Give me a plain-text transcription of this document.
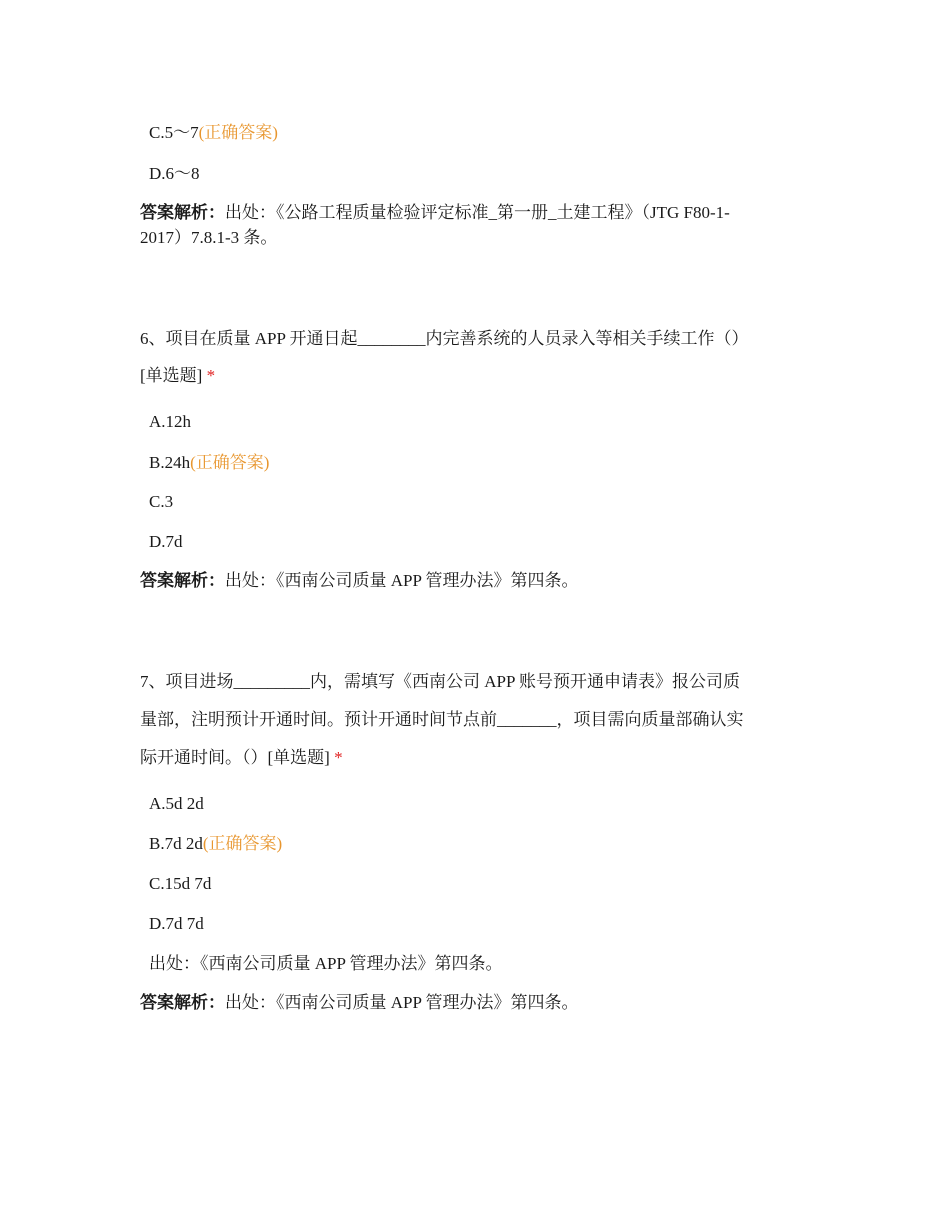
C.5～7(正确答案)
D.6～8
答案解析：出处：《公路工程质量检验评定标准_第一册_土建工程》（JTG F80-1-
2017）7.8.1-3 条。
6、项目在质量 APP 开通日起________内完善系统的人员录入等相关手续工作（）
[单选题] *
A.12h
B.24h(正确答案)
C.3
D.7d
答案解析：出处：《西南公司质量 APP 管理办法》第四条。
7、项目进场_________内，需填写《西南公司 APP 账号预开通申请表》报公司质
量部，注明预计开通时间。预计开通时间节点前_______，项目需向质量部确认实
际开通时间。（）[单选题] *
A.5d 2d
B.7d 2d(正确答案)
C.15d 7d
D.7d 7d
出处：《西南公司质量 APP 管理办法》第四条。
答案解析：出处：《西南公司质量 APP 管理办法》第四条。
